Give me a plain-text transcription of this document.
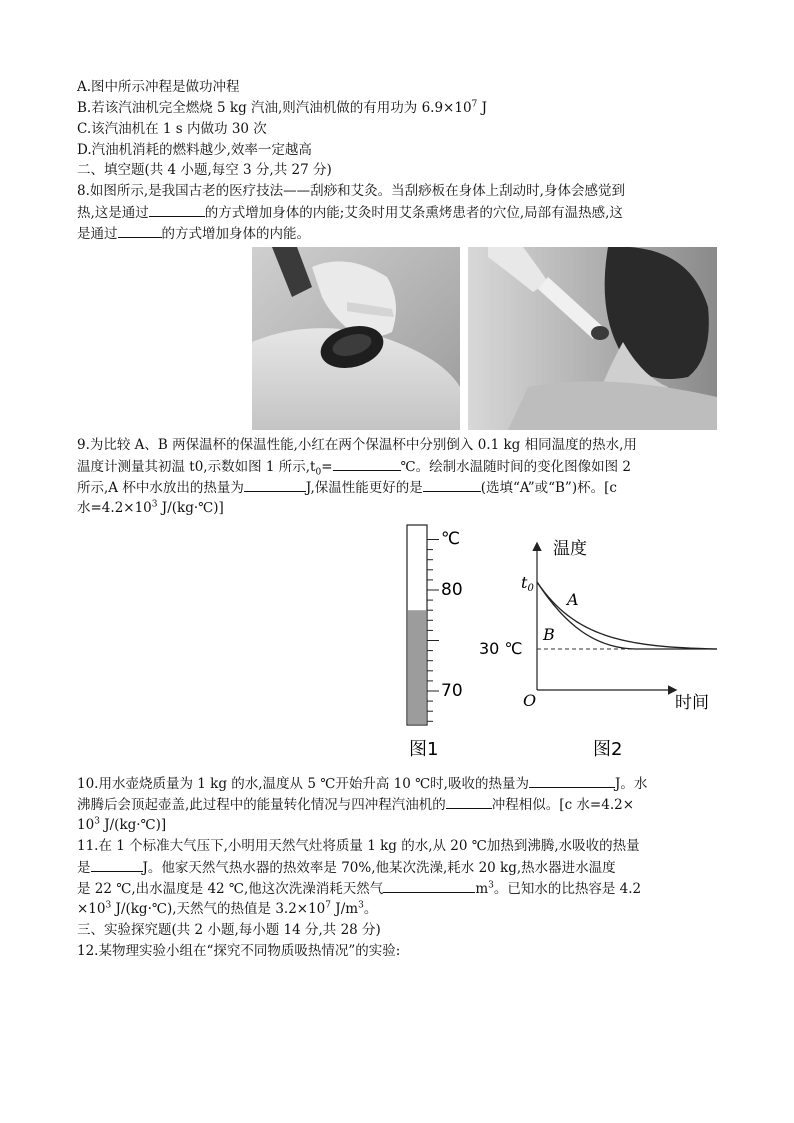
A.图中所示冲程是做功冲程
B.若该汽油机完全燃烧 5 kg 汽油,则汽油机做的有用功为 $6.9\times 10^7$ J
C.该汽油机在 1 s 内做功 30 次
D.汽油机消耗的燃料越少,效率一定越高
二、填空题(共 4 小题,每空 3 分,共 27 分)
8.如图所示,是我国古老的医疗技法——刮痧和艾灸。当刮痧板在身体上刮动时,身体会感觉到
热,这是通过	的方式增加身体的内能;艾灸时用艾条熏烤患者的穴位,局部有温热感,这
是通过	的方式增加身体的内能。
9.为比较 A、B 两保温杯的保温性能,小红在两个保温杯中分别倒入 0.1 kg 相同温度的热水,用
温度计测量其初温 t0,示数如图 1 所示$,t_0=$	℃。绘制水温随时间的变化图像如图 2
所示,A 杯中水放出的热量为	J,保温性能更好的是	(选填“A”或“B”)杯。[c
水$=4.2\times 10^3$ J/(kg·℃)]
℃
80
70
图1
温度
时间
t0
O
30 ℃
A
B
图2
10.用水壶烧质量为 1 kg 的水,温度从 5 ℃开始升高 10 ℃时,吸收的热量为	J。水
沸腾后会顶起壶盖,此过程中的能量转化情况与四冲程汽油机的	冲程相似。[c 水=4.2×
$10^3$ J/(kg·℃)]
11.在 1 个标准大气压下,小明用天然气灶将质量 1 kg 的水,从 20 ℃加热到沸腾,水吸收的热量
是	J。他家天然气热水器的热效率是 70%,他某次洗澡,耗水 20 kg,热水器进水温度
是 22 ℃,出水温度是 42 ℃,他这次洗澡消耗天然气	$m^3$。已知水的比热容是 4.2
$\times 10^3$ J/(kg·℃),天然气的热值是 $3.2\times 10^7$ $J/m^3$。
三、实验探究题(共 2 小题,每小题 14 分,共 28 分)
12.某物理实验小组在“探究不同物质吸热情况”的实验:
